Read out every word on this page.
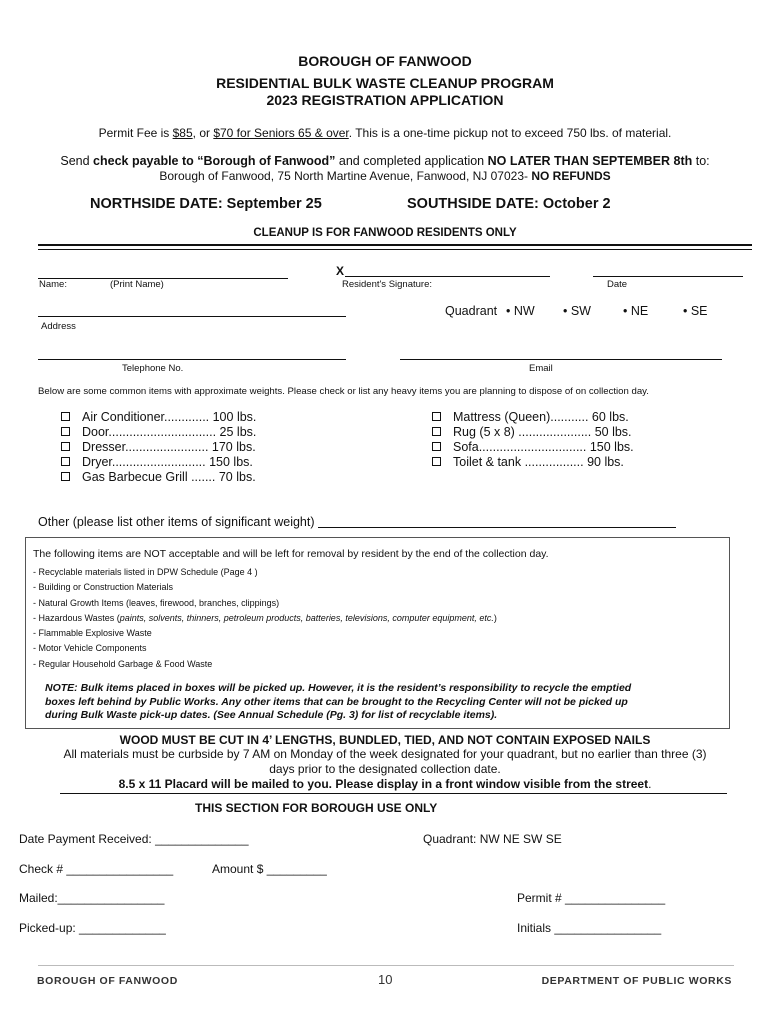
BOROUGH OF FANWOOD
RESIDENTIAL BULK WASTE CLEANUP PROGRAM
2023 REGISTRATION APPLICATION
Permit Fee is $85, or $70 for Seniors 65 & over. This is a one-time pickup not to exceed 750 lbs. of material.
Send check payable to “Borough of Fanwood” and completed application NO LATER THAN SEPTEMBER 8th to:
Borough of Fanwood, 75 North Martine Avenue, Fanwood, NJ 07023- NO REFUNDS
NORTHSIDE DATE: September 25	SOUTHSIDE DATE: October 2
CLEANUP IS FOR FANWOOD RESIDENTS ONLY
Name:	(Print Name)
X
Resident's Signature:	Date
Address
Quadrant • NW • SW	• NE	• SE
Telephone No.	Email
Below are some common items with approximate weights. Please check or list any heavy items you are planning to dispose of on collection day.
Air Conditioner............. 100 lbs.
Door............................... 25 lbs.
Dresser........................ 170 lbs.
Dryer........................... 150 lbs.
Gas Barbecue Grill ....... 70 lbs.
Mattress (Queen)........... 60 lbs.
Rug (5 x 8) ..................... 50 lbs.
Sofa............................... 150 lbs.
Toilet & tank ................. 90 lbs.
Other (please list other items of significant weight)
The following items are NOT acceptable and will be left for removal by resident by the end of the collection day.
- Recyclable materials listed in DPW Schedule (Page 4 )
- Building or Construction Materials
- Natural Growth Items (leaves, firewood, branches, clippings)
- Hazardous Wastes (paints, solvents, thinners, petroleum products, batteries, televisions, computer equipment, etc.)
- Flammable Explosive Waste
- Motor Vehicle Components
- Regular Household Garbage & Food Waste
NOTE: Bulk items placed in boxes will be picked up. However, it is the resident’s responsibility to recycle the emptied
boxes left behind by Public Works. Any other items that can be brought to the Recycling Center will not be picked up
during Bulk Waste pick-up dates. (See Annual Schedule (Pg. 3) for list of recyclable items).
WOOD MUST BE CUT IN 4’ LENGTHS, BUNDLED, TIED, AND NOT CONTAIN EXPOSED NAILS
All materials must be curbside by 7 AM on Monday of the week designated for your quadrant, but no earlier than three (3)
days prior to the designated collection date.
8.5 x 11 Placard will be mailed to you. Please display in a front window visible from the street.
THIS SECTION FOR BOROUGH USE ONLY
Date Payment Received: ______________	Quadrant: NW NE SW SE
Check # ________________	Amount $ _________
Mailed:________________	Permit # _______________
Picked-up: _____________	Initials ________________
BOROUGH OF FANWOOD	10	DEPARTMENT OF PUBLIC WORKS
